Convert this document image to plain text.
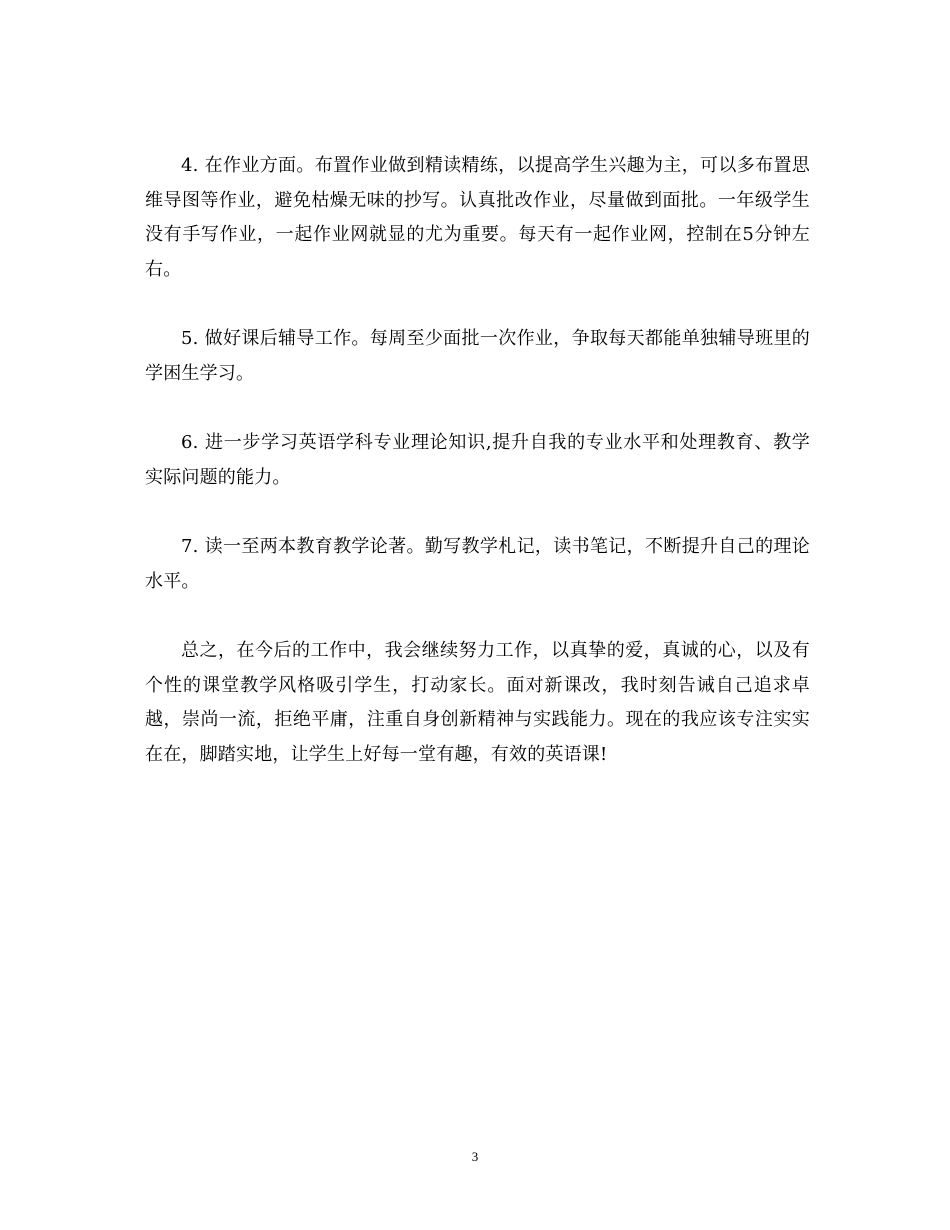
4. 在作业方面。布置作业做到精读精练，以提高学生兴趣为主，可以多布置思维导图等作业，避免枯燥无味的抄写。认真批改作业，尽量做到面批。一年级学生没有手写作业，一起作业网就显的尤为重要。每天有一起作业网，控制在5分钟左右。

5. 做好课后辅导工作。每周至少面批一次作业，争取每天都能单独辅导班里的学困生学习。

6. 进一步学习英语学科专业理论知识,提升自我的专业水平和处理教育、教学实际问题的能力。

7. 读一至两本教育教学论著。勤写教学札记，读书笔记，不断提升自己的理论水平。

总之，在今后的工作中，我会继续努力工作，以真挚的爱，真诚的心，以及有个性的课堂教学风格吸引学生，打动家长。面对新课改，我时刻告诫自己追求卓越，崇尚一流，拒绝平庸，注重自身创新精神与实践能力。现在的我应该专注实实在在，脚踏实地，让学生上好每一堂有趣，有效的英语课!

3
